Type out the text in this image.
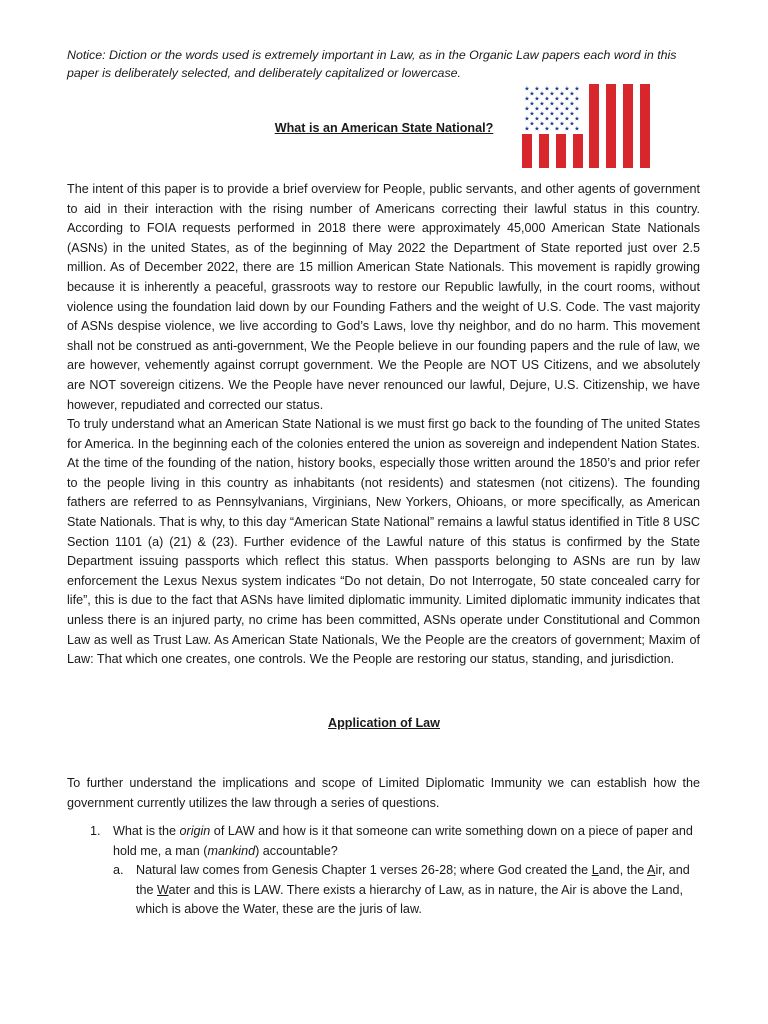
Notice: Diction or the words used is extremely important in Law, as in the Organic Law papers each word in this paper is deliberately selected, and deliberately capitalized or lowercase.
★ ★ ★ ★ ★ ★
★ ★ ★ ★ ★
★ ★ ★ ★ ★ ★
★ ★ ★ ★ ★
★ ★ ★ ★ ★ ★
★ ★ ★ ★ ★
★ ★ ★ ★ ★ ★
★ ★ ★ ★ ★
★ ★ ★ ★ ★ ★
What is an American State National?

The intent of this paper is to provide a brief overview for People, public servants, and other agents of government to aid in their interaction with the rising number of Americans correcting their lawful status in this country. According to FOIA requests performed in 2018 there were approximately 45,000 American State Nationals (ASNs) in the united States, as of the beginning of May 2022 the Department of State reported just over 2.5 million. As of December 2022, there are 15 million American State Nationals. This movement is rapidly growing because it is inherently a peaceful, grassroots way to restore our Republic lawfully, in the court rooms, without violence using the foundation laid down by our Founding Fathers and the weight of U.S. Code. The vast majority of ASNs despise violence, we live according to God’s Laws, love thy neighbor, and do no harm. This movement shall not be construed as anti-government, We the People believe in our founding papers and the rule of law, we are however, vehemently against corrupt government. We the People are NOT US Citizens, and we absolutely are NOT sovereign citizens. We the People have never renounced our lawful, Dejure, U.S. Citizenship, we have however, repudiated and corrected our status.

To truly understand what an American State National is we must first go back to the founding of The united States for America. In the beginning each of the colonies entered the union as sovereign and independent Nation States. At the time of the founding of the nation, history books, especially those written around the 1850’s and prior refer to the people living in this country as inhabitants (not residents) and statesmen (not citizens). The founding fathers are referred to as Pennsylvanians, Virginians, New Yorkers, Ohioans, or more specifically, as American State Nationals. That is why, to this day “American State National” remains a lawful status identified in Title 8 USC Section 1101 (a) (21) & (23). Further evidence of the Lawful nature of this status is confirmed by the State Department issuing passports which reflect this status. When passports belonging to ASNs are run by law enforcement the Lexus Nexus system indicates “Do not detain, Do not Interrogate, 50 state concealed carry for life”, this is due to the fact that ASNs have limited diplomatic immunity. Limited diplomatic immunity indicates that unless there is an injured party, no crime has been committed, ASNs operate under Constitutional and Common Law as well as Trust Law. As American State Nationals, We the People are the creators of government; Maxim of Law: That which one creates, one controls. We the People are restoring our status, standing, and jurisdiction.

Application of Law

To further understand the implications and scope of Limited Diplomatic Immunity we can establish how the government currently utilizes the law through a series of questions.

1. What is the origin of LAW and how is it that someone can write something down on a piece of paper and hold me, a man (mankind) accountable?
a. Natural law comes from Genesis Chapter 1 verses 26-28; where God created the Land, the Air, and the Water and this is LAW. There exists a hierarchy of Law, as in nature, the Air is above the Land, which is above the Water, these are the juris of law.
